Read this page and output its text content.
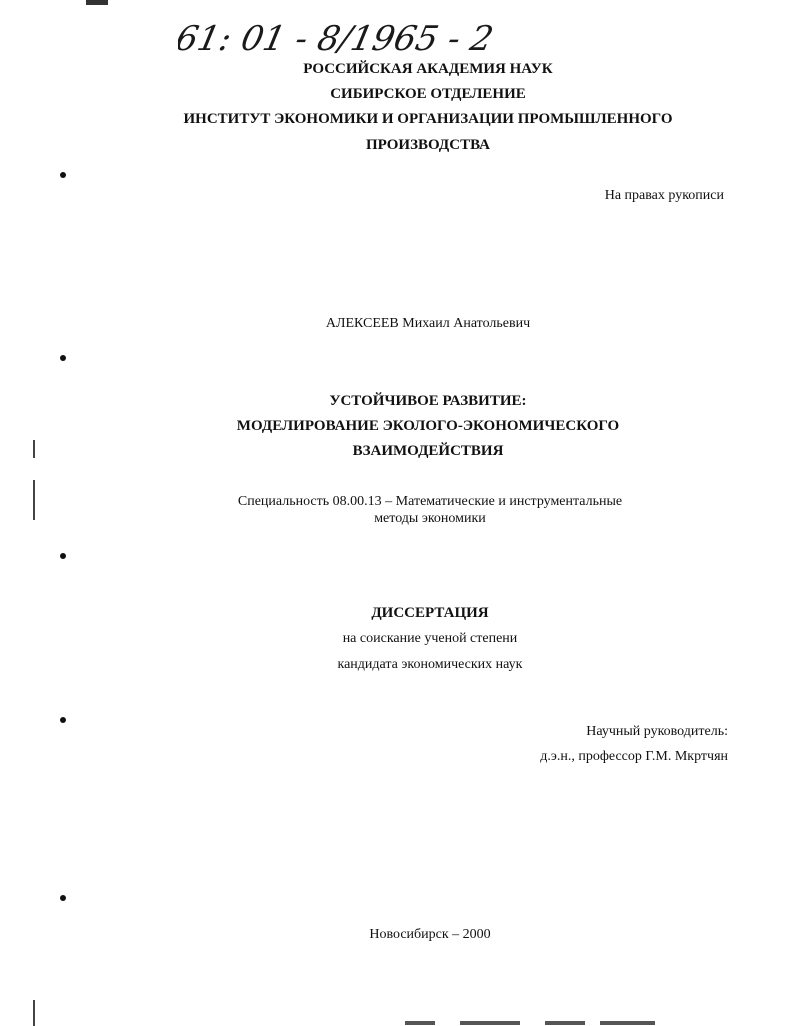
61: 01 - 8/1965 - 2
РОССИЙСКАЯ АКАДЕМИЯ НАУК
СИБИРСКОЕ ОТДЕЛЕНИЕ
ИНСТИТУТ ЭКОНОМИКИ И ОРГАНИЗАЦИИ ПРОМЫШЛЕННОГО
ПРОИЗВОДСТВА
На правах рукописи
АЛЕКСЕЕВ Михаил Анатольевич
УСТОЙЧИВОЕ РАЗВИТИЕ:
МОДЕЛИРОВАНИЕ ЭКОЛОГО-ЭКОНОМИЧЕСКОГО
ВЗАИМОДЕЙСТВИЯ
Специальность 08.00.13 – Математические и инструментальные
методы экономики
ДИССЕРТАЦИЯ
на соискание ученой степени
кандидата экономических наук
Научный руководитель:
д.э.н., профессор Г.М. Мкртчян
Новосибирск – 2000
